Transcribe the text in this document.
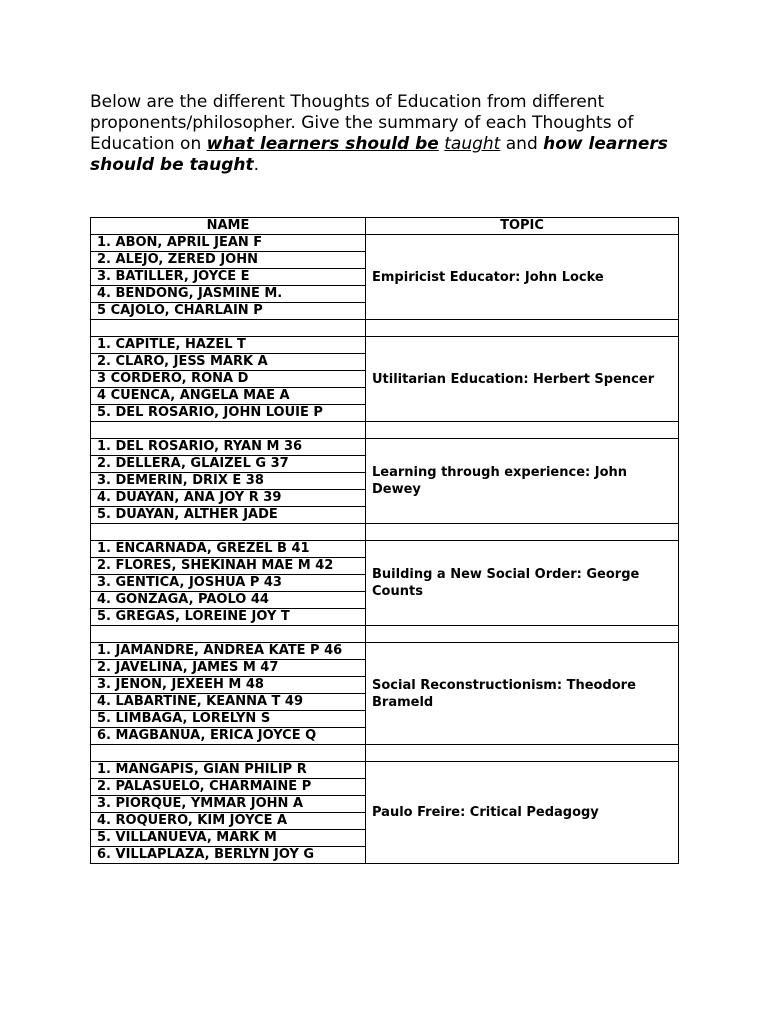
Below are the different Thoughts of Education from different proponents/philosopher. Give the summary of each Thoughts of Education on what learners should be taught and how learners should be taught.

NAME	TOPIC
1. ABON, APRIL JEAN F	Empiricist Educator: John Locke
2. ALEJO, ZERED JOHN	
3. BATILLER, JOYCE E	
4. BENDONG, JASMINE M.	
5 CAJOLO, CHARLAIN P	

1. CAPITLE, HAZEL T	Utilitarian Education: Herbert Spencer
2. CLARO, JESS MARK A	
3 CORDERO, RONA D	
4 CUENCA, ANGELA MAE A	
5. DEL ROSARIO, JOHN LOUIE P	

1. DEL ROSARIO, RYAN M 36	Learning through experience: John Dewey
2. DELLERA, GLAIZEL G 37	
3. DEMERIN, DRIX E 38	
4. DUAYAN, ANA JOY R 39	
5. DUAYAN, ALTHER JADE	

1. ENCARNADA, GREZEL B 41	Building a New Social Order: George Counts
2. FLORES, SHEKINAH MAE M 42	
3. GENTICA, JOSHUA P 43	
4. GONZAGA, PAOLO 44	
5. GREGAS, LOREINE JOY T	

1. JAMANDRE, ANDREA KATE P 46	Social Reconstructionism: Theodore Brameld
2. JAVELINA, JAMES M 47	
3. JENON, JEXEEH M 48	
4. LABARTINE, KEANNA T 49	
5. LIMBAGA, LORELYN S	
6. MAGBANUA, ERICA JOYCE Q	

1. MANGAPIS, GIAN PHILIP R	Paulo Freire: Critical Pedagogy
2. PALASUELO, CHARMAINE P	
3. PIORQUE, YMMAR JOHN A	
4. ROQUERO, KIM JOYCE A	
5. VILLANUEVA, MARK M	
6. VILLAPLAZA, BERLYN JOY G	
